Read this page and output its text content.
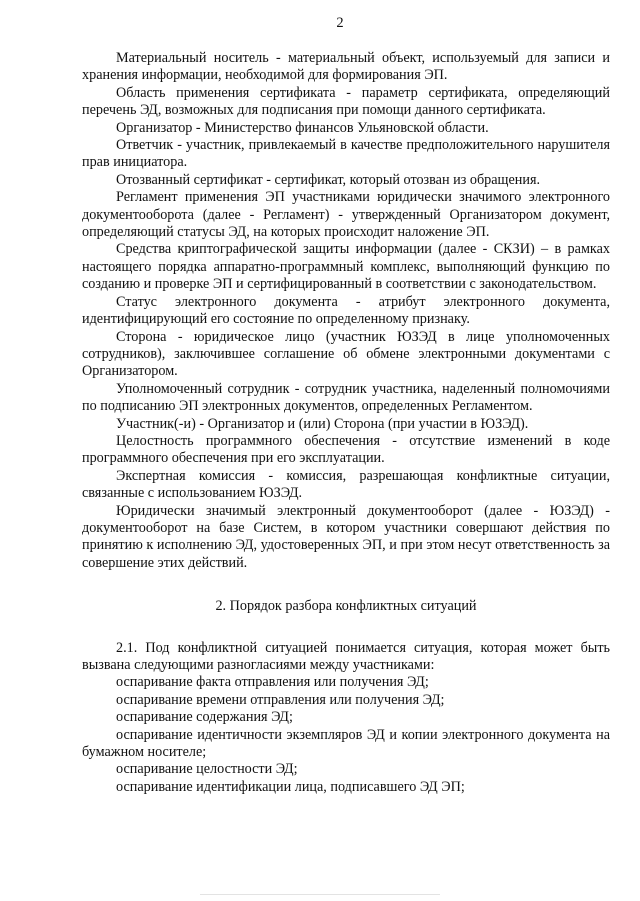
2

Материальный носитель - материальный объект, используемый для записи и хранения информации, необходимой для формирования ЭП.

Область применения сертификата - параметр сертификата, определяющий перечень ЭД, возможных для подписания при помощи данного сертификата.

Организатор - Министерство финансов Ульяновской области.

Ответчик - участник, привлекаемый в качестве предположительного нарушителя прав инициатора.

Отозванный сертификат - сертификат, который отозван из обращения.

Регламент применения ЭП участниками юридически значимого электронного документооборота (далее - Регламент) - утвержденный Организатором документ, определяющий статусы ЭД, на которых происходит наложение ЭП.

Средства криптографической защиты информации (далее - СКЗИ) – в рамках настоящего порядка аппаратно-программный комплекс, выполняющий функцию по созданию и проверке ЭП и сертифицированный в соответствии с законодательством.

Статус электронного документа - атрибут электронного документа, идентифицирующий его состояние по определенному признаку.

Сторона - юридическое лицо (участник ЮЗЭД в лице уполномоченных сотрудников), заключившее соглашение об обмене электронными документами с Организатором.

Уполномоченный сотрудник - сотрудник участника, наделенный полномочиями по подписанию ЭП электронных документов, определенных Регламентом.

Участник(-и) - Организатор и (или) Сторона (при участии в ЮЗЭД).

Целостность программного обеспечения - отсутствие изменений в коде программного обеспечения при его эксплуатации.

Экспертная комиссия - комиссия, разрешающая конфликтные ситуации, связанные с использованием ЮЗЭД.

Юридически значимый электронный документооборот (далее - ЮЗЭД) - документооборот на базе Систем, в котором участники совершают действия по принятию к исполнению ЭД, удостоверенных ЭП, и при этом несут ответственность за совершение этих действий.

2. Порядок разбора конфликтных ситуаций

2.1. Под конфликтной ситуацией понимается ситуация, которая может быть вызвана следующими разногласиями между участниками:

оспаривание факта отправления или получения ЭД;

оспаривание времени отправления или получения ЭД;

оспаривание содержания ЭД;

оспаривание идентичности экземпляров ЭД и копии электронного документа на бумажном носителе;

оспаривание целостности ЭД;

оспаривание идентификации лица, подписавшего ЭД ЭП;
